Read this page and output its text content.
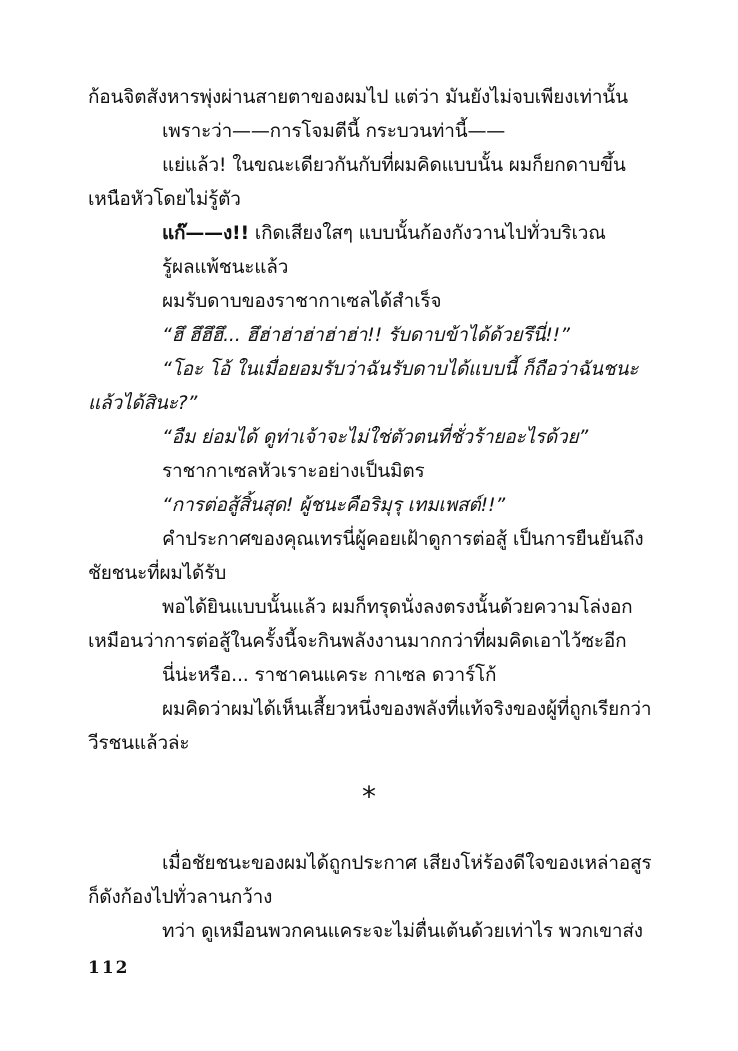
ก้อนจิตสังหารพุ่งผ่านสายตาของผมไป แต่ว่า มันยังไม่จบเพียงเท่านั้น
เพราะว่า——การโจมตีนี้ กระบวนท่านี้——
แย่แล้ว! ในขณะเดียวกันกับที่ผมคิดแบบนั้น ผมก็ยกดาบขึ้น
เหนือหัวโดยไม่รู้ตัว
แก๊——ง!! เกิดเสียงใสๆ แบบนั้นก้องกังวานไปทั่วบริเวณ
รู้ผลแพ้ชนะแล้ว
ผมรับดาบของราชากาเซลได้สำเร็จ
“ฮึ ฮึฮึฮึ... ฮึฮ่าฮ่าฮ่าฮ่าฮ่า!! รับดาบข้าได้ด้วยรึนี่!!”
“โอะ โอ้ ในเมื่อยอมรับว่าฉันรับดาบได้แบบนี้ ก็ถือว่าฉันชนะ
แล้วได้สินะ?”
“อืม ย่อมได้ ดูท่าเจ้าจะไม่ใช่ตัวตนที่ชั่วร้ายอะไรด้วย”
ราชากาเซลหัวเราะอย่างเป็นมิตร
“การต่อสู้สิ้นสุด! ผู้ชนะคือริมุรุ เทมเพสต์!!”
คำประกาศของคุณเทรนี่ผู้คอยเฝ้าดูการต่อสู้ เป็นการยืนยันถึง
ชัยชนะที่ผมได้รับ
พอได้ยินแบบนั้นแล้ว ผมก็ทรุดนั่งลงตรงนั้นด้วยความโล่งอก
เหมือนว่าการต่อสู้ในครั้งนี้จะกินพลังงานมากกว่าที่ผมคิดเอาไว้ซะอีก
นี่น่ะหรือ... ราชาคนแคระ กาเซล ดวาร์โก้
ผมคิดว่าผมได้เห็นเสี้ยวหนึ่งของพลังที่แท้จริงของผู้ที่ถูกเรียกว่า
วีรชนแล้วล่ะ
*
เมื่อชัยชนะของผมได้ถูกประกาศ เสียงโห่ร้องดีใจของเหล่าอสูร
ก็ดังก้องไปทั่วลานกว้าง
ทว่า ดูเหมือนพวกคนแคระจะไม่ตื่นเต้นด้วยเท่าไร พวกเขาส่ง
112
